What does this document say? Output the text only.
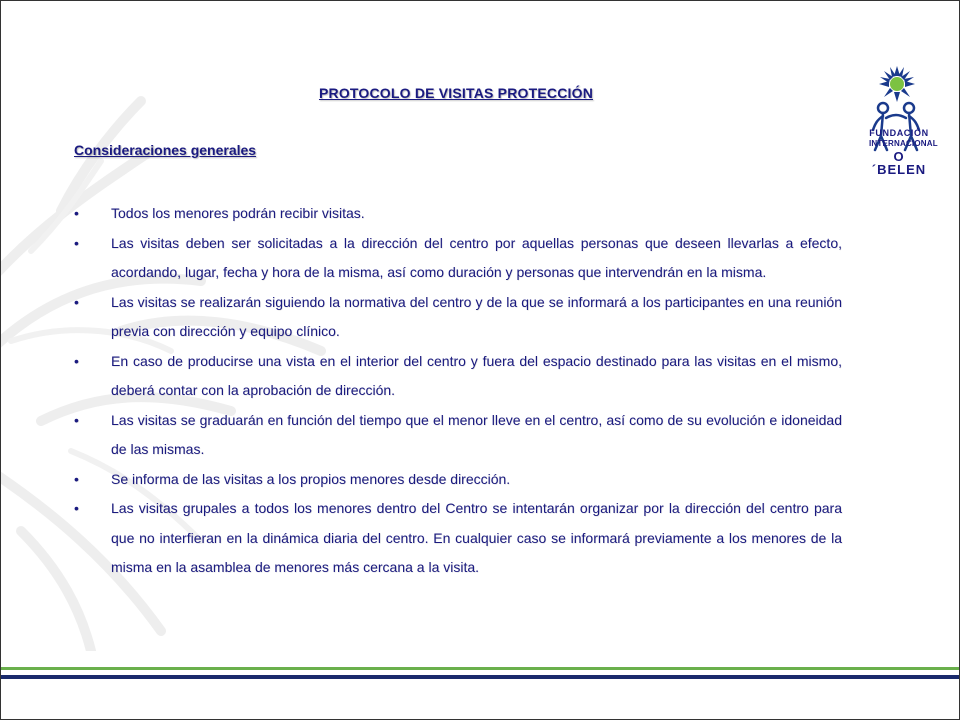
PROTOCOLO DE VISITAS PROTECCIÓN
Consideraciones generales
•	Todos los menores podrán recibir visitas.
•	Las visitas deben ser solicitadas a la dirección del centro por aquellas personas que deseen llevarlas a efecto, acordando, lugar, fecha y hora de la misma, así como duración y personas que intervendrán en la misma.
•	Las visitas se realizarán siguiendo la normativa del centro y de la que se informará a los participantes en una reunión previa con dirección y equipo clínico.
•	En caso de producirse una vista en el interior del centro y fuera del espacio destinado para las visitas en el mismo, deberá contar con la aprobación de dirección.
•	Las visitas se graduarán en función del tiempo que el menor lleve en el centro, así como de su evolución e idoneidad de las mismas.
•	Se informa de las visitas a los propios menores desde dirección.
•	Las visitas grupales a todos los menores dentro del Centro se intentarán organizar por la dirección del centro para que no interfieran en la dinámica diaria del centro. En cualquier caso se informará previamente a los menores de la misma en la asamblea de menores más cercana a la visita.
FUNDACIÓN
INTERNACIONAL
O´BELEN
